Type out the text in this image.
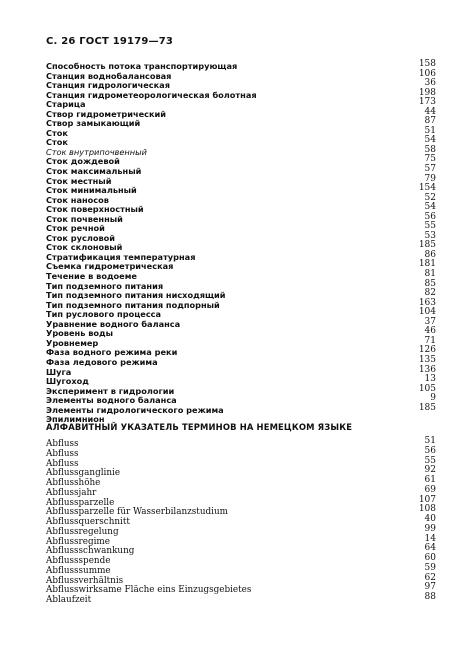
С. 26 ГОСТ 19179—73
Способность потока транспортирующая	158
Станция воднобалансовая	106
Станция гидрологическая	36
Станция гидрометеорологическая болотная	198
Старица	173
Створ гидрометрический	44
Створ замыкающий	87
Сток	51
Сток	54
Сток внутрипочвенный	58
Сток дождевой	75
Сток максимальный	57
Сток местный	79
Сток минимальный	154
Сток наносов	52
Сток поверхностный	54
Сток почвенный	56
Сток речной	55
Сток русловой	53
Сток склоновый	185
Стратификация температурная	86
Съемка гидрометрическая	181
Течение в водоеме	81
Тип подземного питания	85
Тип подземного питания нисходящий	82
Тип подземного питания подпорный	163
Тип руслового процесса	104
Уравнение водного баланса	37
Уровень воды	46
Уровнемер	71
Фаза водного режима реки	126
Фаза ледового режима	135
Шуга	136
Шугоход	13
Эксперимент в гидрологии	105
Элементы водного баланса	9
Элементы гидрологического режима	185
Эпилимнион
АЛФАВИТНЫЙ УКАЗАТЕЛЬ ТЕРМИНОВ НА НЕМЕЦКОМ ЯЗЫКЕ
Abfluss	51
Abfluss	56
Abfluss	55
Abflussganglinie	92
Abflusshöhe	61
Abflussjahr	69
Abflussparzelle	107
Abflussparzelle für Wasserbilanzstudium	108
Abflussquerschnitt	40
Abflussregelung	99
Abflussregime	14
Abflussschwankung	64
Abflussspende	60
Abflusssumme	59
Abflussverhältnis	62
Abflusswirksame Fläche eins Einzugsgebietes	97
Ablaufzeit	88
